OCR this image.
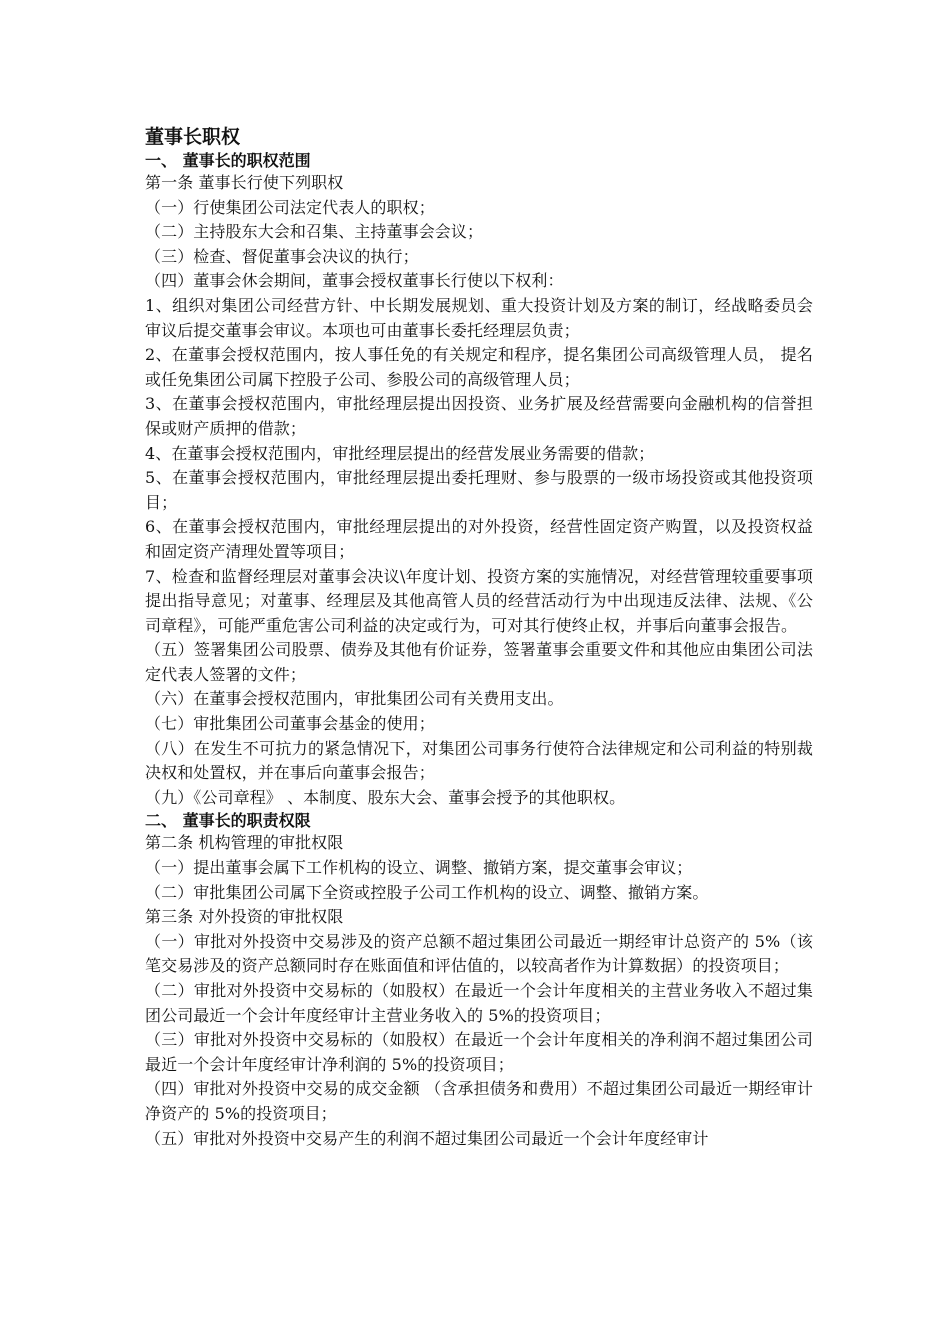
董事长职权
一、 董事长的职权范围
第一条 董事长行使下列职权
（一）行使集团公司法定代表人的职权；
（二）主持股东大会和召集、主持董事会会议；
（三）检查、督促董事会决议的执行；
（四）董事会休会期间，董事会授权董事长行使以下权利：
1、组织对集团公司经营方针、中长期发展规划、重大投资计划及方案的制订，经战略委员会审议后提交董事会审议。本项也可由董事长委托经理层负责；
2、在董事会授权范围内，按人事任免的有关规定和程序，提名集团公司高级管理人员， 提名或任免集团公司属下控股子公司、参股公司的高级管理人员；
3、在董事会授权范围内，审批经理层提出因投资、业务扩展及经营需要向金融机构的信誉担保或财产质押的借款；
4、在董事会授权范围内，审批经理层提出的经营发展业务需要的借款；
5、在董事会授权范围内，审批经理层提出委托理财、参与股票的一级市场投资或其他投资项目；
6、在董事会授权范围内，审批经理层提出的对外投资，经营性固定资产购置，以及投资权益和固定资产清理处置等项目；
7、检查和监督经理层对董事会决议\年度计划、投资方案的实施情况，对经营管理较重要事项提出指导意见；对董事、经理层及其他高管人员的经营活动行为中出现违反法律、法规、《公司章程》，可能严重危害公司利益的决定或行为，可对其行使终止权，并事后向董事会报告。
（五）签署集团公司股票、债券及其他有价证券，签署董事会重要文件和其他应由集团公司法定代表人签署的文件；
（六）在董事会授权范围内，审批集团公司有关费用支出。
（七）审批集团公司董事会基金的使用；
（八）在发生不可抗力的紧急情况下，对集团公司事务行使符合法律规定和公司利益的特别裁决权和处置权，并在事后向董事会报告；
（九）《公司章程》 、本制度、股东大会、董事会授予的其他职权。
二、 董事长的职责权限
第二条 机构管理的审批权限
（一）提出董事会属下工作机构的设立、调整、撤销方案，提交董事会审议；
（二）审批集团公司属下全资或控股子公司工作机构的设立、调整、撤销方案。
第三条 对外投资的审批权限
（一）审批对外投资中交易涉及的资产总额不超过集团公司最近一期经审计总资产的 5%（该笔交易涉及的资产总额同时存在账面值和评估值的，以较高者作为计算数据）的投资项目；
（二）审批对外投资中交易标的（如股权）在最近一个会计年度相关的主营业务收入不超过集团公司最近一个会计年度经审计主营业务收入的 5%的投资项目；
（三）审批对外投资中交易标的（如股权）在最近一个会计年度相关的净利润不超过集团公司最近一个会计年度经审计净利润的 5%的投资项目；
（四）审批对外投资中交易的成交金额 （含承担债务和费用）不超过集团公司最近一期经审计净资产的 5%的投资项目；
（五）审批对外投资中交易产生的利润不超过集团公司最近一个会计年度经审计
